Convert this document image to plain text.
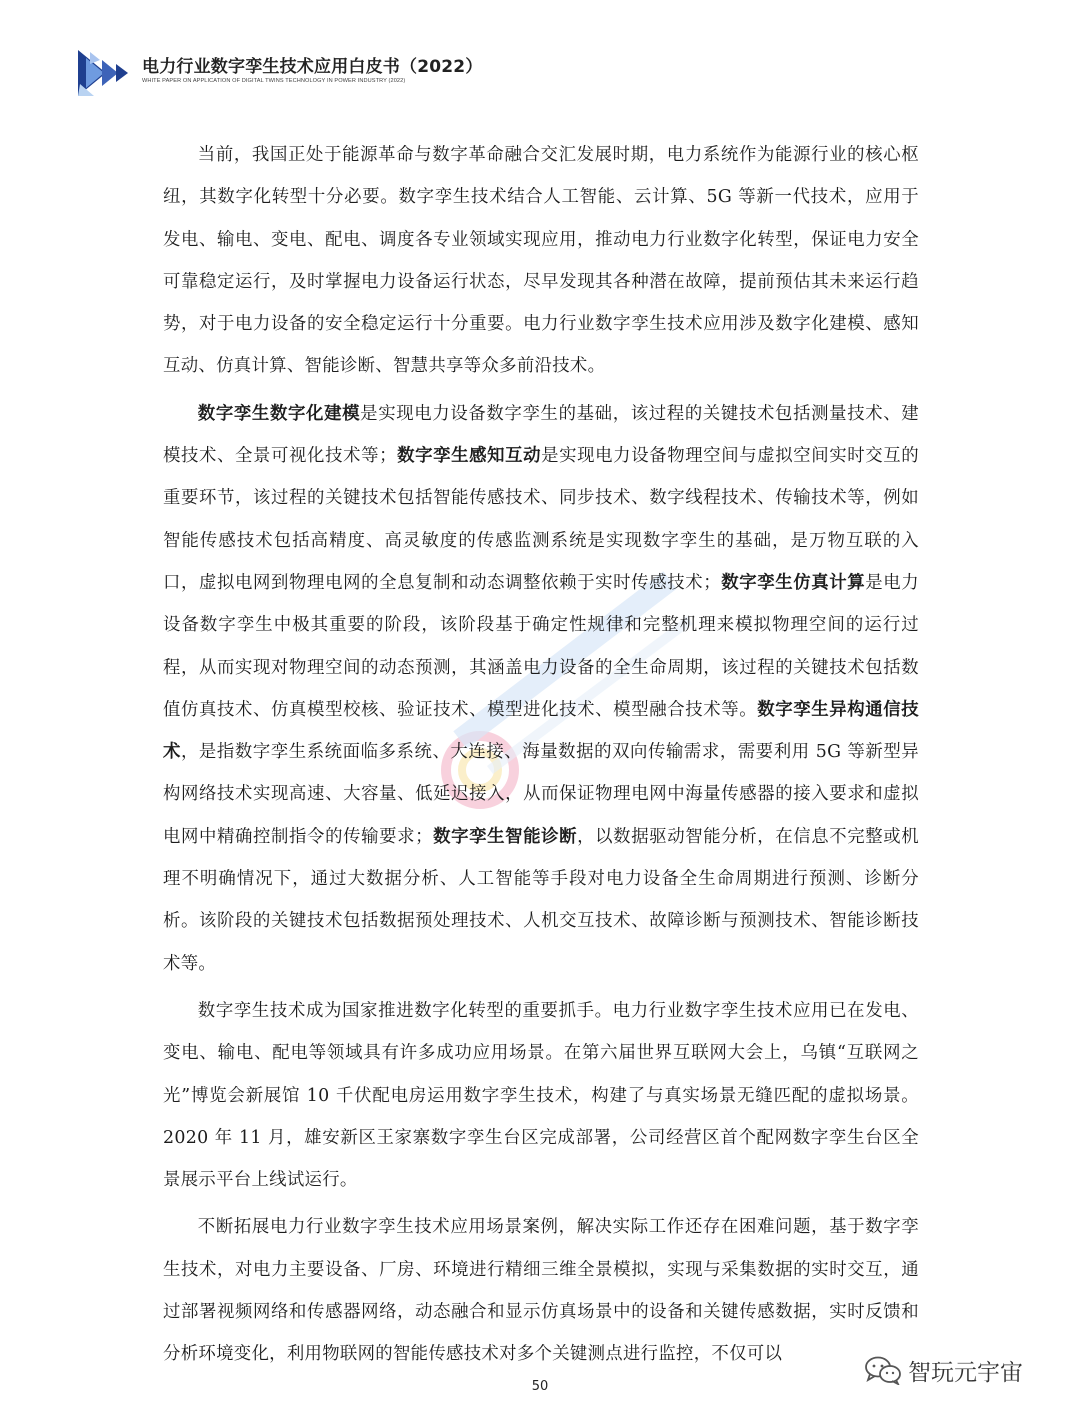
电力行业数字孪生技术应用白皮书（2022）
WHITE PAPER ON APPLICATION OF DIGITAL TWINS TECHNOLOGY IN POWER INDUSTRY (2022)

当前，我国正处于能源革命与数字革命融合交汇发展时期，电力系统作为能源行业的核心枢纽，其数字化转型十分必要。数字孪生技术结合人工智能、云计算、5G 等新一代技术，应用于发电、输电、变电、配电、调度各专业领域实现应用，推动电力行业数字化转型，保证电力安全可靠稳定运行，及时掌握电力设备运行状态，尽早发现其各种潜在故障，提前预估其未来运行趋势，对于电力设备的安全稳定运行十分重要。电力行业数字孪生技术应用涉及数字化建模、感知互动、仿真计算、智能诊断、智慧共享等众多前沿技术。

数字孪生数字化建模是实现电力设备数字孪生的基础，该过程的关键技术包括测量技术、建模技术、全景可视化技术等；数字孪生感知互动是实现电力设备物理空间与虚拟空间实时交互的重要环节，该过程的关键技术包括智能传感技术、同步技术、数字线程技术、传输技术等，例如智能传感技术包括高精度、高灵敏度的传感监测系统是实现数字孪生的基础，是万物互联的入口，虚拟电网到物理电网的全息复制和动态调整依赖于实时传感技术；数字孪生仿真计算是电力设备数字孪生中极其重要的阶段，该阶段基于确定性规律和完整机理来模拟物理空间的运行过程，从而实现对物理空间的动态预测，其涵盖电力设备的全生命周期，该过程的关键技术包括数值仿真技术、仿真模型校核、验证技术、模型进化技术、模型融合技术等。数字孪生异构通信技术，是指数字孪生系统面临多系统、大连接、海量数据的双向传输需求，需要利用 5G 等新型异构网络技术实现高速、大容量、低延迟接入，从而保证物理电网中海量传感器的接入要求和虚拟电网中精确控制指令的传输要求；数字孪生智能诊断，以数据驱动智能分析，在信息不完整或机理不明确情况下，通过大数据分析、人工智能等手段对电力设备全生命周期进行预测、诊断分析。该阶段的关键技术包括数据预处理技术、人机交互技术、故障诊断与预测技术、智能诊断技术等。

数字孪生技术成为国家推进数字化转型的重要抓手。电力行业数字孪生技术应用已在发电、变电、输电、配电等领域具有许多成功应用场景。在第六届世界互联网大会上，乌镇“互联网之光”博览会新展馆 10 千伏配电房运用数字孪生技术，构建了与真实场景无缝匹配的虚拟场景。2020 年 11 月，雄安新区王家寨数字孪生台区完成部署，公司经营区首个配网数字孪生台区全景展示平台上线试运行。

不断拓展电力行业数字孪生技术应用场景案例，解决实际工作还存在困难问题，基于数字孪生技术，对电力主要设备、厂房、环境进行精细三维全景模拟，实现与采集数据的实时交互，通过部署视频网络和传感器网络，动态融合和显示仿真场景中的设备和关键传感数据，实时反馈和分析环境变化，利用物联网的智能传感技术对多个关键测点进行监控，不仅可以

50
智玩元宇宙
